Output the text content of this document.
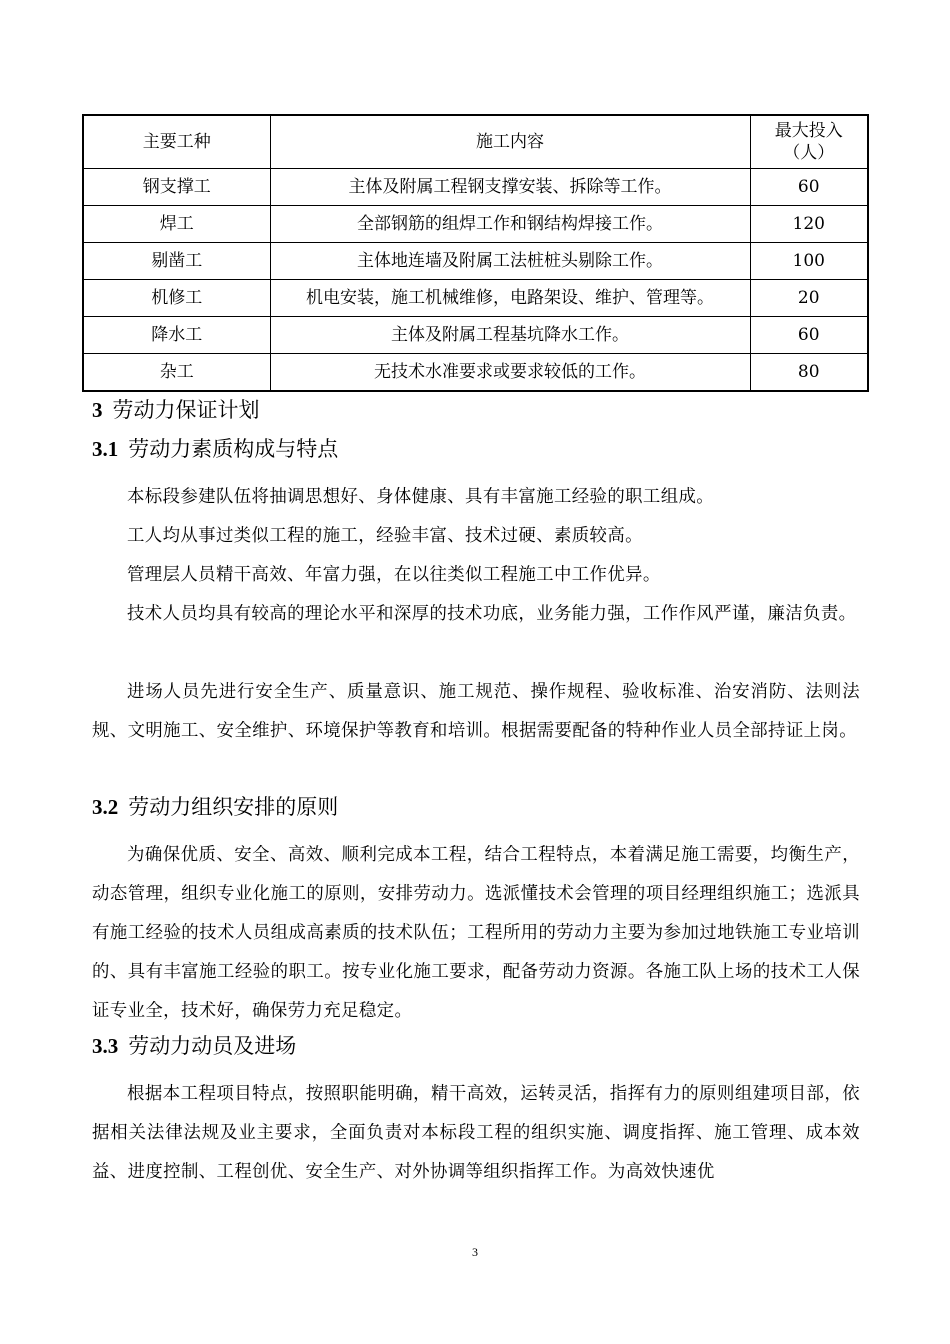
主要工种	施工内容	最大投入
（人）

钢支撑工	主体及附属工程钢支撑安装、拆除等工作。	60
焊工	全部钢筋的组焊工作和钢结构焊接工作。	120
剔凿工	主体地连墙及附属工法桩桩头剔除工作。	100
机修工	机电安装，施工机械维修，电路架设、维护、管理等。	20
降水工	主体及附属工程基坑降水工作。	60
杂工	无技术水准要求或要求较低的工作。	80
3 劳动力保证计划
3.1 劳动力素质构成与特点
本标段参建队伍将抽调思想好、身体健康、具有丰富施工经验的职工组成。
工人均从事过类似工程的施工，经验丰富、技术过硬、素质较高。
管理层人员精干高效、年富力强，在以往类似工程施工中工作优异。
技术人员均具有较高的理论水平和深厚的技术功底，业务能力强，工作作风严谨，廉洁负责。
进场人员先进行安全生产、质量意识、施工规范、操作规程、验收标准、治安消防、法则法规、文明施工、安全维护、环境保护等教育和培训。根据需要配备的特种作业人员全部持证上岗。
3.2 劳动力组织安排的原则
为确保优质、安全、高效、顺利完成本工程，结合工程特点，本着满足施工需要，均衡生产，动态管理，组织专业化施工的原则，安排劳动力。选派懂技术会管理的项目经理组织施工；选派具有施工经验的技术人员组成高素质的技术队伍；工程所用的劳动力主要为参加过地铁施工专业培训的、具有丰富施工经验的职工。按专业化施工要求，配备劳动力资源。各施工队上场的技术工人保证专业全，技术好，确保劳力充足稳定。
3.3 劳动力动员及进场
根据本工程项目特点，按照职能明确，精干高效，运转灵活，指挥有力的原则组建项目部，依据相关法律法规及业主要求，全面负责对本标段工程的组织实施、调度指挥、施工管理、成本效益、进度控制、工程创优、安全生产、对外协调等组织指挥工作。为高效快速优
3
